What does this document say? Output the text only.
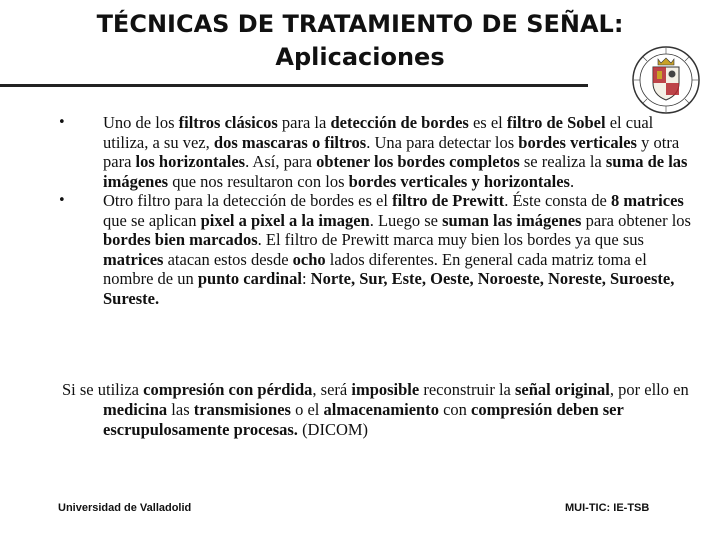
TÉCNICAS DE TRATAMIENTO DE SEÑAL:
Aplicaciones
• Uno de los filtros clásicos para la detección de bordes es el filtro de Sobel el cual utiliza, a su vez, dos mascaras o filtros. Una para detectar los bordes verticales y otra para los horizontales. Así, para obtener los bordes completos se realiza la suma de las imágenes que nos resultaron con los bordes verticales y horizontales.
• Otro filtro para la detección de bordes es el filtro de Prewitt. Éste consta de 8 matrices que se aplican pixel a pixel a la imagen. Luego se suman las imágenes para obtener los bordes bien marcados. El filtro de Prewitt marca muy bien los bordes ya que sus matrices atacan estos desde ocho lados diferentes. En general cada matriz toma el nombre de un punto cardinal: Norte, Sur, Este, Oeste, Noroeste, Noreste, Suroeste, Sureste.

Si se utiliza compresión con pérdida, será imposible reconstruir la señal original, por ello en medicina las transmisiones o el almacenamiento con compresión deben ser escrupulosamente procesas. (DICOM)

Universidad de Valladolid	MUI-TIC: IE-TSB
